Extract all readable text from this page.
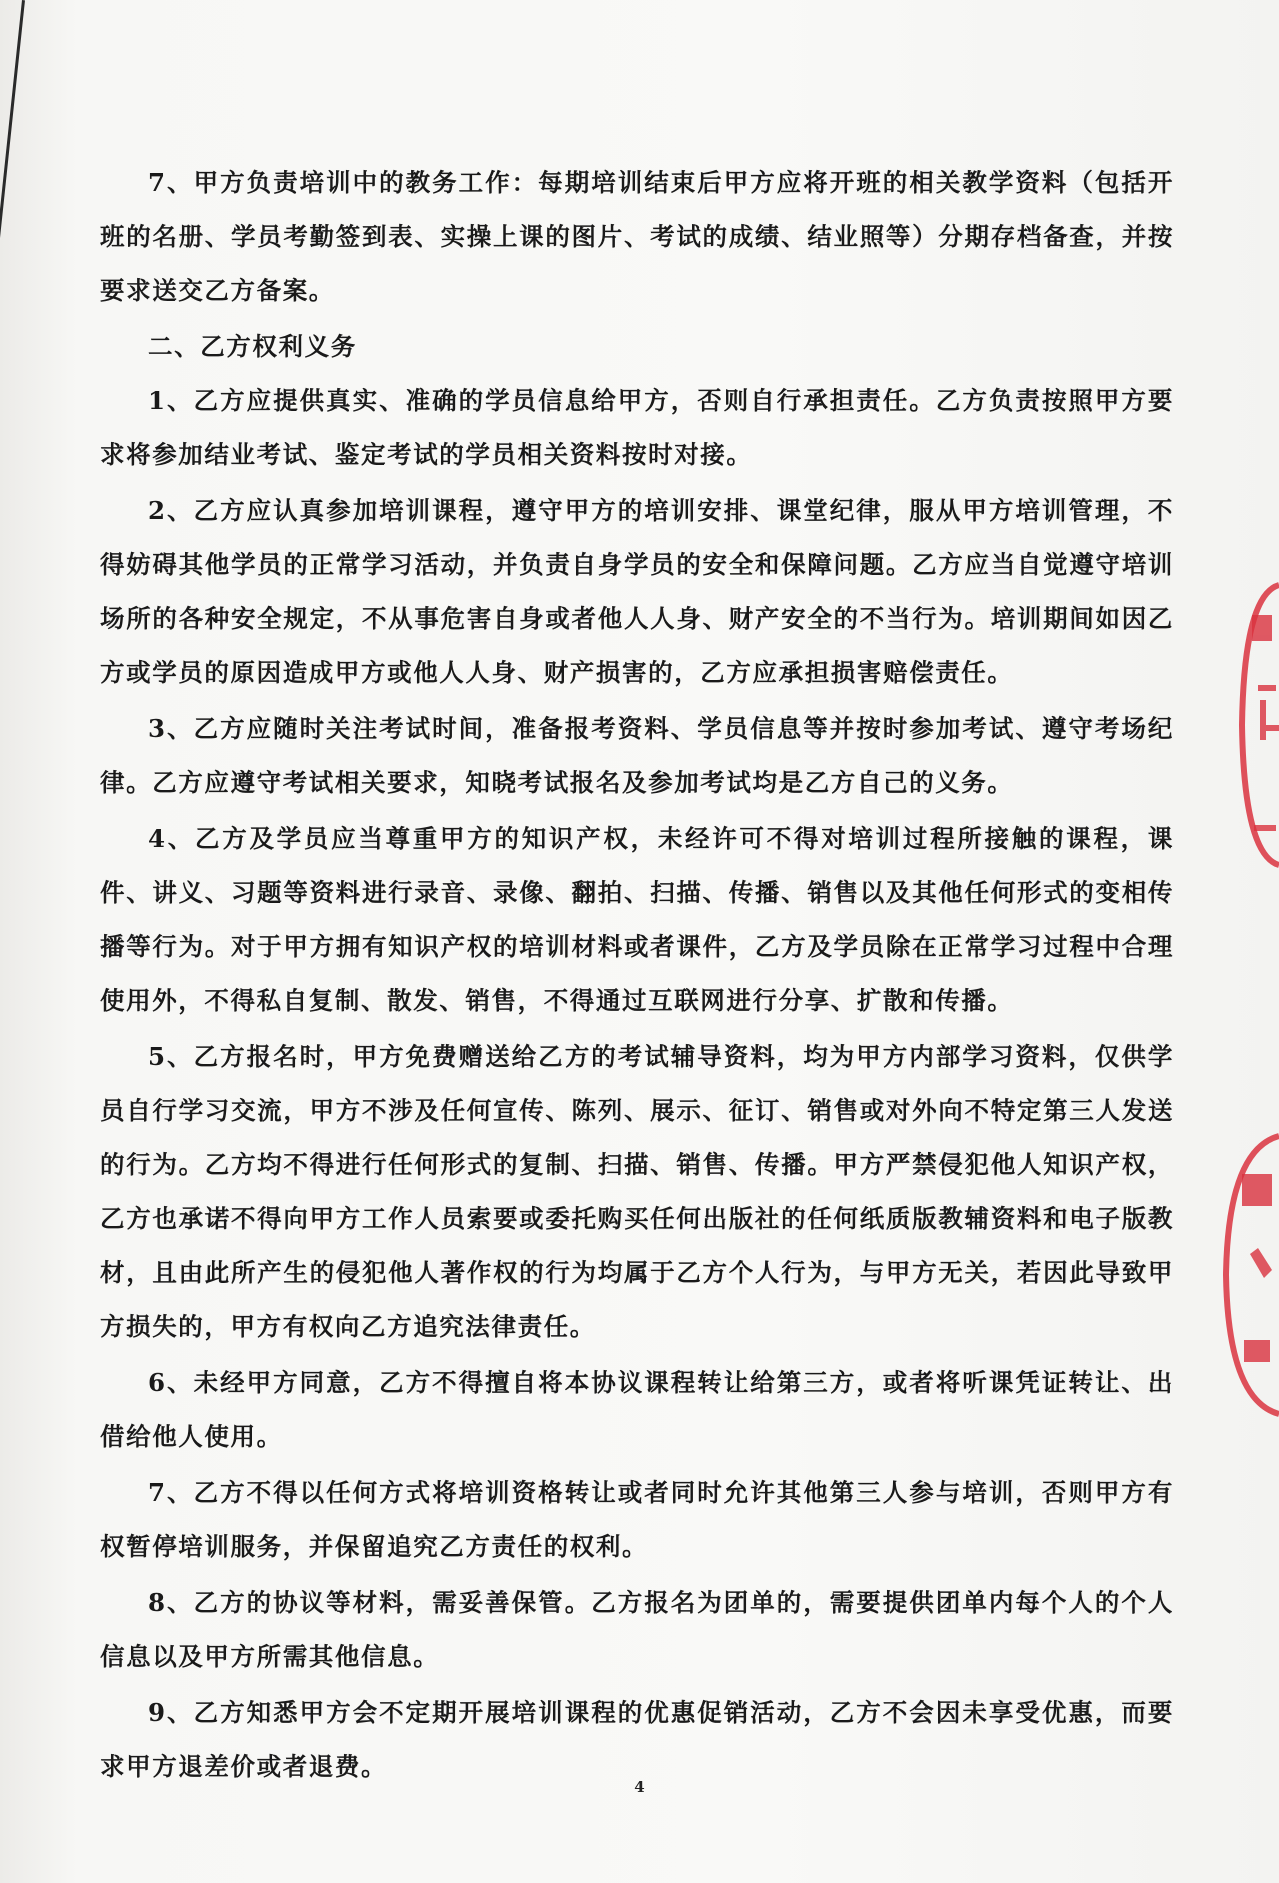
7、甲方负责培训中的教务工作：每期培训结束后甲方应将开班的相关教学资料（包括开班的名册、学员考勤签到表、实操上课的图片、考试的成绩、结业照等）分期存档备查，并按要求送交乙方备案。

二、乙方权利义务

1、乙方应提供真实、准确的学员信息给甲方，否则自行承担责任。乙方负责按照甲方要求将参加结业考试、鉴定考试的学员相关资料按时对接。

2、乙方应认真参加培训课程，遵守甲方的培训安排、课堂纪律，服从甲方培训管理，不得妨碍其他学员的正常学习活动，并负责自身学员的安全和保障问题。乙方应当自觉遵守培训场所的各种安全规定，不从事危害自身或者他人人身、财产安全的不当行为。培训期间如因乙方或学员的原因造成甲方或他人人身、财产损害的，乙方应承担损害赔偿责任。

3、乙方应随时关注考试时间，准备报考资料、学员信息等并按时参加考试、遵守考场纪律。乙方应遵守考试相关要求，知晓考试报名及参加考试均是乙方自己的义务。

4、乙方及学员应当尊重甲方的知识产权，未经许可不得对培训过程所接触的课程，课件、讲义、习题等资料进行录音、录像、翻拍、扫描、传播、销售以及其他任何形式的变相传播等行为。对于甲方拥有知识产权的培训材料或者课件，乙方及学员除在正常学习过程中合理使用外，不得私自复制、散发、销售，不得通过互联网进行分享、扩散和传播。

5、乙方报名时，甲方免费赠送给乙方的考试辅导资料，均为甲方内部学习资料，仅供学员自行学习交流，甲方不涉及任何宣传、陈列、展示、征订、销售或对外向不特定第三人发送的行为。乙方均不得进行任何形式的复制、扫描、销售、传播。甲方严禁侵犯他人知识产权，乙方也承诺不得向甲方工作人员索要或委托购买任何出版社的任何纸质版教辅资料和电子版教材，且由此所产生的侵犯他人著作权的行为均属于乙方个人行为，与甲方无关，若因此导致甲方损失的，甲方有权向乙方追究法律责任。

6、未经甲方同意，乙方不得擅自将本协议课程转让给第三方，或者将听课凭证转让、出借给他人使用。

7、乙方不得以任何方式将培训资格转让或者同时允许其他第三人参与培训，否则甲方有权暂停培训服务，并保留追究乙方责任的权利。

8、乙方的协议等材料，需妥善保管。乙方报名为团单的，需要提供团单内每个人的个人信息以及甲方所需其他信息。

9、乙方知悉甲方会不定期开展培训课程的优惠促销活动，乙方不会因未享受优惠，而要求甲方退差价或者退费。

4
